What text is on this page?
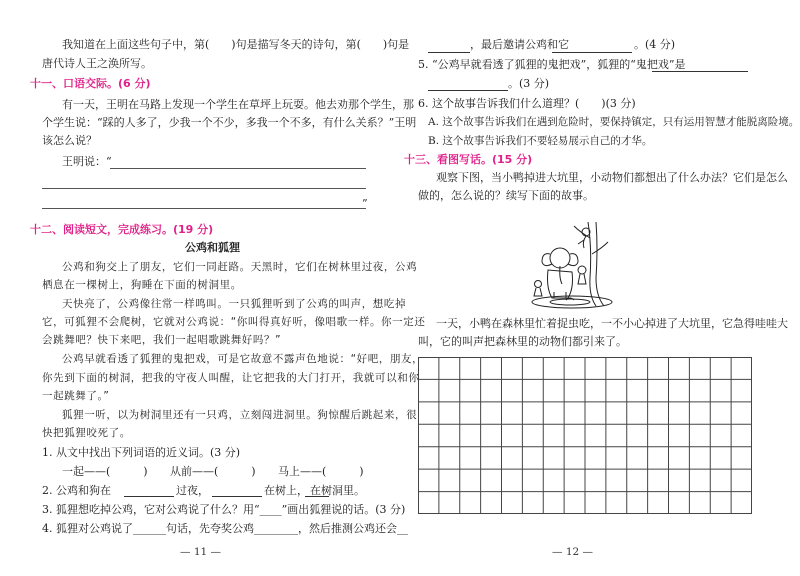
我知道在上面这些句子中，第(　　)句是描写冬天的诗句，第(　　)句是
唐代诗人王之涣所写。
十一、口语交际。(6 分)
有一天，王明在马路上发现一个学生在草坪上玩耍。他去劝那个学生，那
个学生说：“踩的人多了，少我一个不少，多我一个不多，有什么关系？”王明
该怎么说？
王明说：“
”
十二、阅读短文，完成练习。(19 分)
公鸡和狐狸
公鸡和狗交上了朋友，它们一同赶路。天黑时，它们在树林里过夜，公鸡
栖息在一棵树上，狗睡在下面的树洞里。
天快亮了，公鸡像往常一样鸣叫。一只狐狸听到了公鸡的叫声，想吃掉
它，可狐狸不会爬树，它就对公鸡说：“你叫得真好听，像唱歌一样。你一定还
会跳舞吧？快下来吧，我们一起唱歌跳舞好吗？”
公鸡早就看透了狐狸的鬼把戏，可是它故意不露声色地说：“好吧，朋友，
你先到下面的树洞，把我的守夜人叫醒，让它把我的大门打开，我就可以和你
一起跳舞了。”
狐狸一听，以为树洞里还有一只鸡，立刻闯进洞里。狗惊醒后跳起来，很
快把狐狸咬死了。
1. 从文中找出下列词语的近义词。(3 分)
一起——(　　　) 从前——(　　　) 马上——(　　　)
2. 公鸡和狗在	过夜，	在树上， 在树洞里。
3. 狐狸想吃掉公鸡，它对公鸡说了什么？用“____”画出狐狸说的话。(3 分)
4. 狐狸对公鸡说了______句话，先夸奖公鸡________，然后推测公鸡还会__
— 11 —
，最后邀请公鸡和它	。(4 分)
5. “公鸡早就看透了狐狸的鬼把戏”，狐狸的“鬼把戏”是
。(3 分)
6. 这个故事告诉我们什么道理？(　　)(3 分)
A. 这个故事告诉我们在遇到危险时，要保持镇定，只有运用智慧才能脱离险境。
B. 这个故事告诉我们不要轻易展示自己的才华。
十三、看图写话。(15 分)
观察下图，当小鸭掉进大坑里，小动物们都想出了什么办法？它们是怎么
做的，怎么说的？续写下面的故事。
一天，小鸭在森林里忙着捉虫吃，一不小心掉进了大坑里，它急得哇哇大
叫，它的叫声把森林里的动物们都引来了。
— 12 —
